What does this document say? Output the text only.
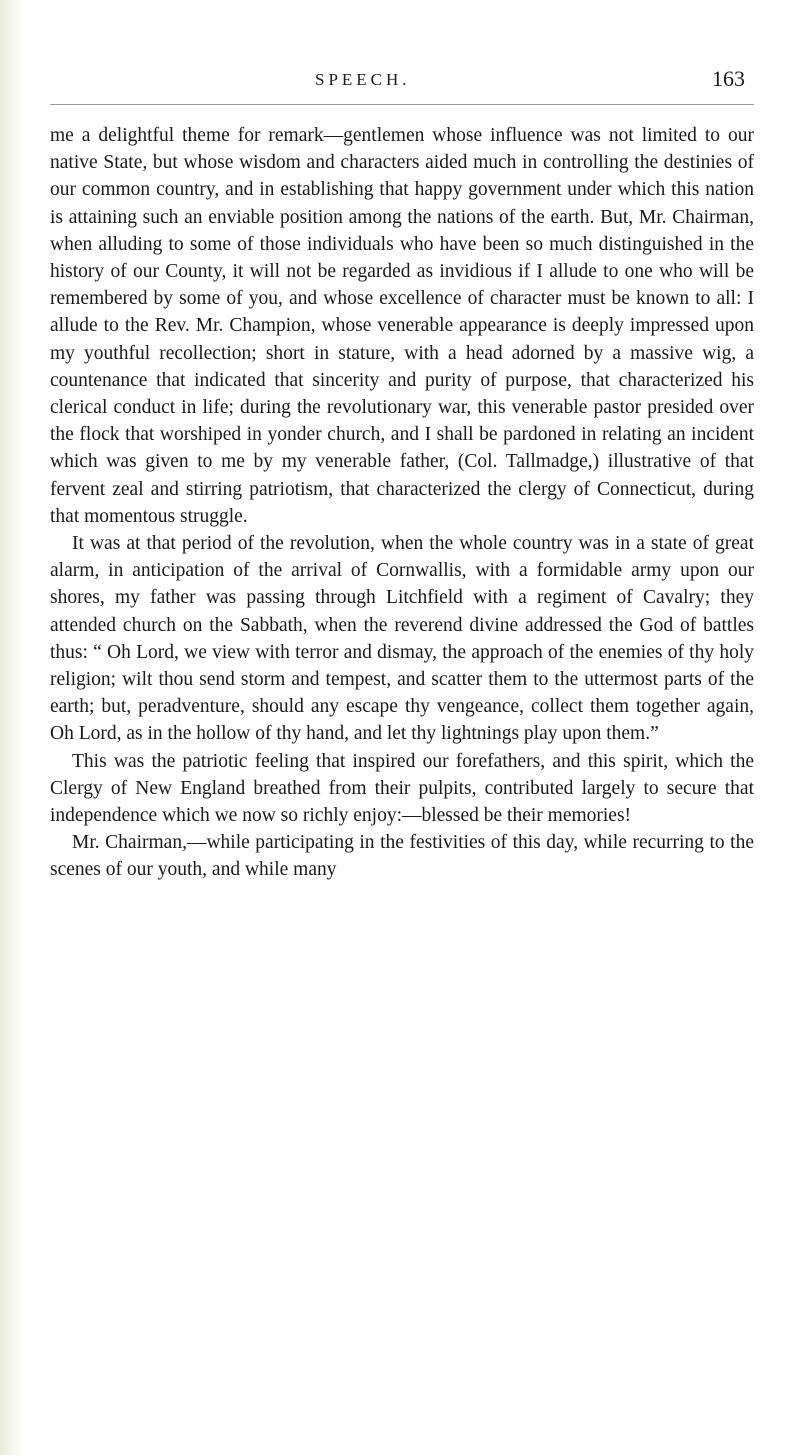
SPEECH.	163

me a delightful theme for remark—gentlemen whose influence was not limited to our native State, but whose wisdom and characters aided much in controlling the destinies of our common country, and in establishing that happy government under which this nation is attaining such an enviable position among the nations of the earth. But, Mr. Chairman, when alluding to some of those individuals who have been so much distinguished in the history of our County, it will not be regarded as invidious if I allude to one who will be remembered by some of you, and whose excellence of character must be known to all: I allude to the Rev. Mr. Champion, whose venerable appearance is deeply impressed upon my youthful recollection; short in stature, with a head adorned by a massive wig, a countenance that indicated that sincerity and purity of purpose, that characterized his clerical conduct in life; during the revolutionary war, this venerable pastor presided over the flock that worshiped in yonder church, and I shall be pardoned in relating an incident which was given to me by my venerable father, (Col. Tallmadge,) illustrative of that fervent zeal and stirring patriotism, that characterized the clergy of Connecticut, during that momentous struggle.

It was at that period of the revolution, when the whole country was in a state of great alarm, in anticipation of the arrival of Cornwallis, with a formidable army upon our shores, my father was passing through Litchfield with a regiment of Cavalry; they attended church on the Sabbath, when the reverend divine addressed the God of battles thus: “ Oh Lord, we view with terror and dismay, the approach of the enemies of thy holy religion; wilt thou send storm and tempest, and scatter them to the uttermost parts of the earth; but, peradventure, should any escape thy vengeance, collect them together again, Oh Lord, as in the hollow of thy hand, and let thy lightnings play upon them.”

This was the patriotic feeling that inspired our forefathers, and this spirit, which the Clergy of New England breathed from their pulpits, contributed largely to secure that independence which we now so richly enjoy:—blessed be their memories!

Mr. Chairman,—while participating in the festivities of this day, while recurring to the scenes of our youth, and while many
